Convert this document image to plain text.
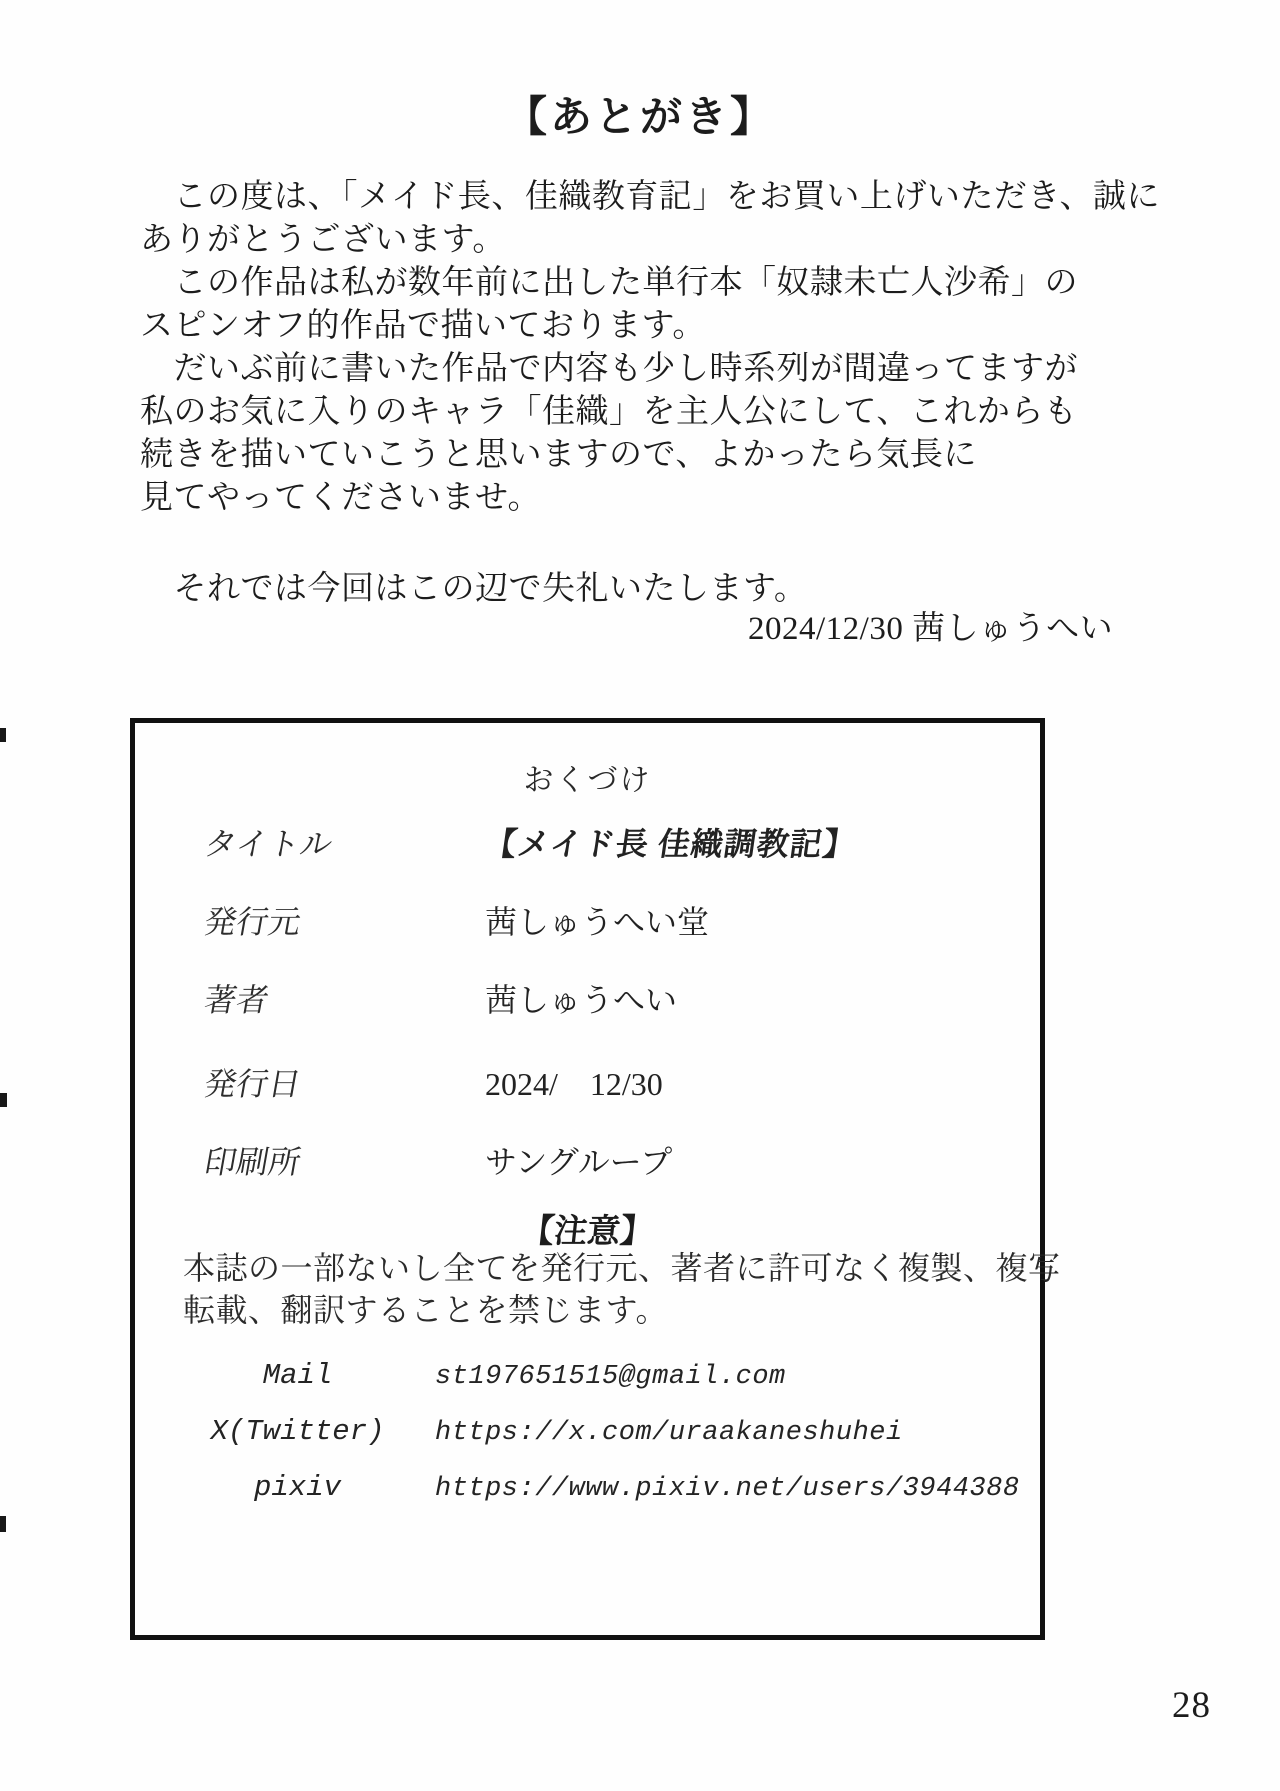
【あとがき】
　この度は、「メイド長、佳織教育記」をお買い上げいただき、誠に
ありがとうございます。
　この作品は私が数年前に出した単行本「奴隷未亡人沙希」の
スピンオフ的作品で描いております。
　だいぶ前に書いた作品で内容も少し時系列が間違ってますが
私のお気に入りのキャラ「佳織」を主人公にして、これからも
続きを描いていこうと思いますので、よかったら気長に
見てやってくださいませ。
　それでは今回はこの辺で失礼いたします。
2024/12/30 茜しゅうへい
おくづけ
タイトル	【メイド長 佳織調教記】
発行元	茜しゅうへい堂
著者	茜しゅうへい
発行日	2024/　12/30
印刷所	サングループ
【注意】
本誌の一部ないし全てを発行元、著者に許可なく複製、複写
転載、翻訳することを禁じます。
Mail	st197651515@gmail.com
X(Twitter)	https://x.com/uraakaneshuhei
pixiv	https://www.pixiv.net/users/3944388
28
